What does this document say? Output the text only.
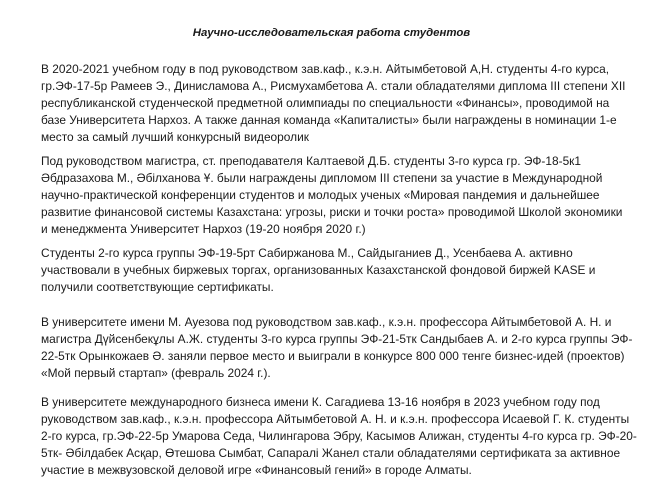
Научно-исследовательская работа студентов
В 2020-2021 учебном году в под руководством зав.каф., к.э.н. Айтымбетовой А,Н. студенты 4-го курса,
гр.ЭФ-17-5р Рамеев Э., Динисламова А., Рисмухамбетова А. стали обладателями диплома III степени XII
республиканской студенческой предметной олимпиады по специальности «Финансы», проводимой на
базе Университета Нархоз. А также данная команда «Капиталисты» были награждены в номинации 1-е
место за самый лучший конкурсный видеоролик
Под руководством магистра, ст. преподавателя Калтаевой Д.Б. студенты 3-го курса гр. ЭФ-18-5к1
Әбдразахова М., Әбілханова Ұ. были награждены дипломом III степени за участие в Международной
научно-практической конференции студентов и молодых ученых «Мировая пандемия и дальнейшее
развитие финансовой системы Казахстана: угрозы, риски и точки роста» проводимой Школой экономики
и менеджмента Университет Нархоз (19-20 ноября 2020 г.)
Студенты 2-го курса группы ЭФ-19-5рт Сабиржанова М., Сайдыганиев Д., Усенбаева А. активно
участвовали в учебных биржевых торгах, организованных Казахстанской фондовой биржей KASE и
получили соответствующие сертификаты.
В университете имени М. Ауезова под руководством зав.каф., к.э.н. профессора Айтымбетовой А. Н. и
магистра Дүйсенбекұлы А.Ж. студенты 3-го курса группы ЭФ-21-5тк Сандыбаев А. и 2-го курса группы ЭФ-
22-5тк Орынкожаев Ә. заняли первое место и выиграли в конкурсе 800 000 тенге бизнес-идей (проектов)
«Мой первый стартап» (февраль 2024 г.).
В университете международного бизнеса имени К. Сагадиева 13-16 ноября в 2023 учебном году под
руководством зав.каф., к.э.н. профессора Айтымбетовой А. Н. и к.э.н. профессора Исаевой Г. К. студенты
2-го курса, гр.ЭФ-22-5р Умарова Седа, Чилингарова Эбру, Касымов Алижан, студенты 4-го курса гр. ЭФ-20-
5тк- Әбілдабек Асқар, Өтешова Сымбат, Сапаралі Жанел стали обладателями сертификата за активное
участие в межвузовской деловой игре «Финансовый гений» в городе Алматы.
